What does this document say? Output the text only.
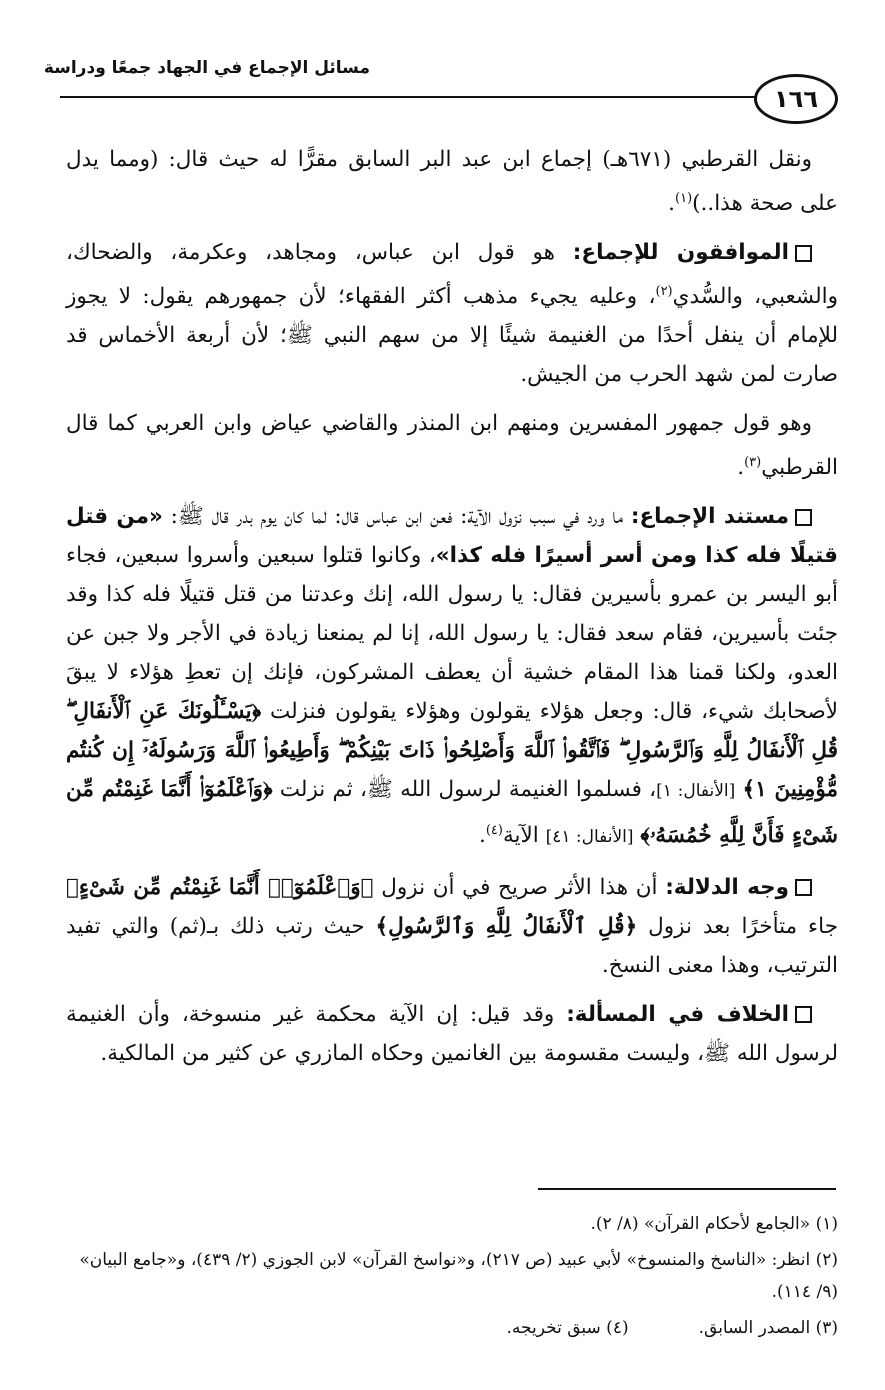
مسائل الإجماع في الجهاد جمعًا ودراسة
١٦٦

ونقل القرطبي (٦٧١هـ) إجماع ابن عبد البر السابق مقرًّا له حيث قال: (ومما يدل على صحة هذا..)$^{(١)}$.

الموافقون للإجماع: هو قول ابن عباس، ومجاهد، وعكرمة، والضحاك، والشعبي، والسُّدي$^{(٢)}$، وعليه يجيء مذهب أكثر الفقهاء؛ لأن جمهورهم يقول: لا يجوز للإمام أن ينفل أحدًا من الغنيمة شيئًا إلا من سهم النبي ﷺ؛ لأن أربعة الأخماس قد صارت لمن شهد الحرب من الجيش.

وهو قول جمهور المفسرين ومنهم ابن المنذر والقاضي عياض وابن العربي كما قال القرطبي$^{(٣)}$.

مستند الإجماع: ما ورد في سبب نزول الآية: فعن ابن عباس قال: لما كان يوم بدر قال ﷺ: «من قتل قتيلًا فله كذا ومن أسر أسيرًا فله كذا»، وكانوا قتلوا سبعين وأسروا سبعين، فجاء أبو اليسر بن عمرو بأسيرين فقال: يا رسول الله، إنك وعدتنا من قتل قتيلًا فله كذا وقد جئت بأسيرين، فقام سعد فقال: يا رسول الله، إنا لم يمنعنا زيادة في الأجر ولا جبن عن العدو، ولكنا قمنا هذا المقام خشية أن يعطف المشركون، فإنك إن تعطِ هؤلاء لا يبقَ لأصحابك شيء، قال: وجعل هؤلاء يقولون وهؤلاء يقولون فنزلت ﴿يَسْـَٔلُونَكَ عَنِ ٱلْأَنفَالِ ۖ قُلِ ٱلْأَنفَالُ لِلَّهِ وَٱلرَّسُولِ ۖ فَٱتَّقُوا۟ ٱللَّهَ وَأَصْلِحُوا۟ ذَاتَ بَيْنِكُمْ ۖ وَأَطِيعُوا۟ ٱللَّهَ وَرَسُولَهُۥٓ إِن كُنتُم مُّؤْمِنِينَ ١﴾ [الأنفال: ١]، فسلموا الغنيمة لرسول الله ﷺ، ثم نزلت ﴿وَٱعْلَمُوٓا۟ أَنَّمَا غَنِمْتُم مِّن شَىْءٍ فَأَنَّ لِلَّهِ خُمُسَهُۥ﴾ [الأنفال: ٤١] الآية$^{(٤)}$.

وجه الدلالة: أن هذا الأثر صريح في أن نزول ﴿وَٱعْلَمُوٓا۟ أَنَّمَا غَنِمْتُم مِّن شَىْءٍ﴾ جاء متأخرًا بعد نزول ﴿قُلِ ٱلْأَنفَالُ لِلَّهِ وَٱلرَّسُولِ﴾ حيث رتب ذلك بـ(ثم) والتي تفيد الترتيب، وهذا معنى النسخ.

الخلاف في المسألة: وقد قيل: إن الآية محكمة غير منسوخة، وأن الغنيمة لرسول الله ﷺ، وليست مقسومة بين الغانمين وحكاه المازري عن كثير من المالكية.

(١) «الجامع لأحكام القرآن» (٨/ ٢).

(٢) انظر: «الناسخ والمنسوخ» لأبي عبيد (ص ٢١٧)، و«نواسخ القرآن» لابن الجوزي (٢/ ٤٣٩)، و«جامع البيان» (٩/ ١١٤).

(٣) المصدر السابق.
(٤) سبق تخريجه.
